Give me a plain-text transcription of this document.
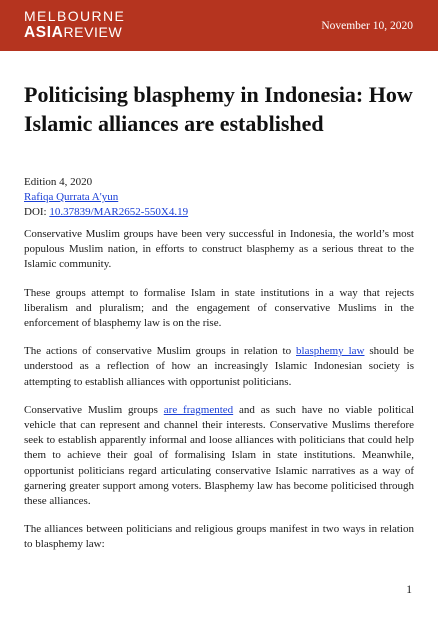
MELBOURNE
ASIAREVIEW	November 10, 2020
Politicising blasphemy in Indonesia: How Islamic alliances are established
Edition 4, 2020
Rafiqa Qurrata A'yun
DOI: 10.37839/MAR2652-550X4.19

Conservative Muslim groups have been very successful in Indonesia, the world’s most populous Muslim nation, in efforts to construct blasphemy as a serious threat to the Islamic community.

These groups attempt to formalise Islam in state institutions in a way that rejects liberalism and pluralism; and the engagement of conservative Muslims in the enforcement of blasphemy law is on the rise.

The actions of conservative Muslim groups in relation to blasphemy law should be understood as a reflection of how an increasingly Islamic Indonesian society is attempting to establish alliances with opportunist politicians.

Conservative Muslim groups are fragmented and as such have no viable political vehicle that can represent and channel their interests. Conservative Muslims therefore seek to establish apparently informal and loose alliances with politicians that could help them to achieve their goal of formalising Islam in state institutions. Meanwhile, opportunist politicians regard articulating conservative Islamic narratives as a way of garnering greater support among voters. Blasphemy law has become politicised through these alliances.

The alliances between politicians and religious groups manifest in two ways in relation to blasphemy law:

1
